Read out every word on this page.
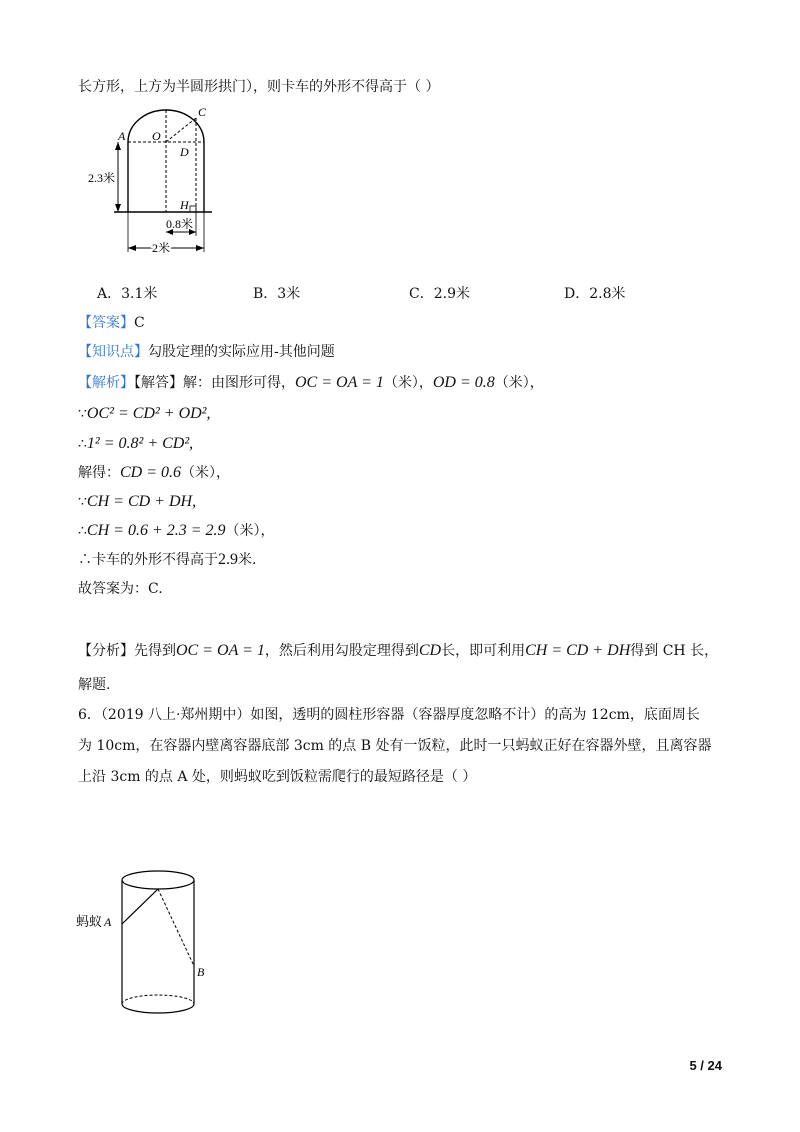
长方形，上方为半圆形拱门），则卡车的外形不得高于（ ）
A O
C
D
H
2.3米
0.8米
2米
A．3.1米	B．3米	C．2.9米	D．2.8米
【答案】C
【知识点】勾股定理的实际应用-其他问题
【解析】【解答】解：由图形可得，OC = OA = 1（米），OD = 0.8（米），
∵OC² = CD² + OD²,
∴1² = 0.8² + CD²,
解得：CD = 0.6（米），
∵CH = CD + DH,
∴CH = 0.6 + 2.3 = 2.9（米），
∴卡车的外形不得高于2.9米.
故答案为：C.
【分析】先得到OC = OA = 1，然后利用勾股定理得到CD长，即可利用CH = CD + DH得到 CH 长，
解题.
6．（2019 八上·郑州期中）如图，透明的圆柱形容器（容器厚度忽略不计）的高为 12cm，底面周长
为 10cm，在容器内壁离容器底部 3cm 的点 B 处有一饭粒，此时一只蚂蚁正好在容器外壁，且离容器
上沿 3cm 的点 A 处，则蚂蚁吃到饭粒需爬行的最短路径是（ ）
蚂蚁 A
B
5 / 24
